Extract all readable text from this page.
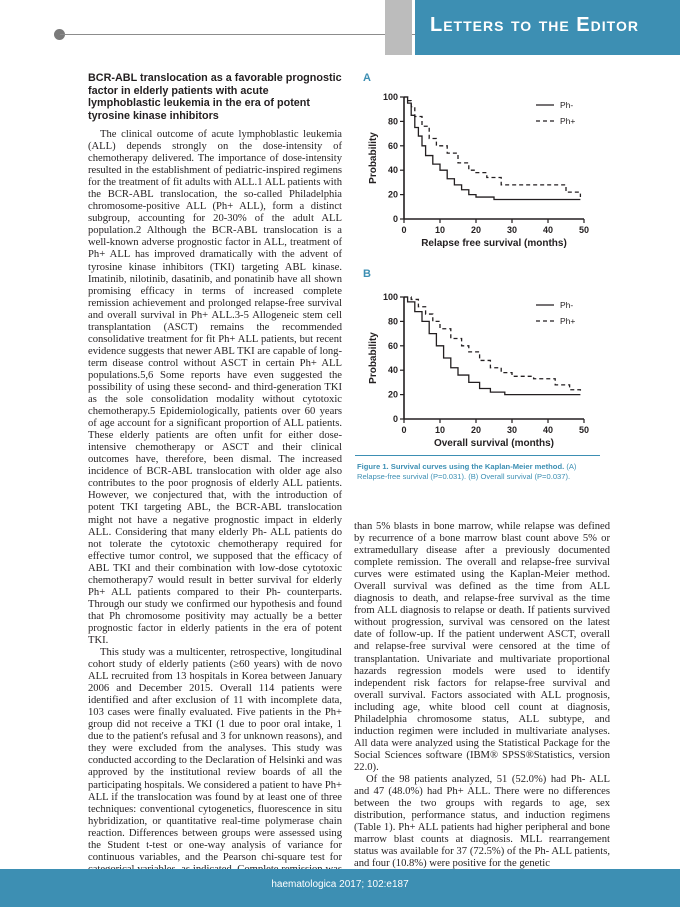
Letters to the Editor
BCR-ABL translocation as a favorable prognostic factor in elderly patients with acute lymphoblastic leukemia in the era of potent tyrosine kinase inhibitors

The clinical outcome of acute lymphoblastic leukemia (ALL) depends strongly on the dose-intensity of chemotherapy delivered. The importance of dose-intensity resulted in the establishment of pediatric-inspired regimens for the treatment of fit adults with ALL.1 ALL patients with the BCR-ABL translocation, the so-called Philadelphia chromosome-positive ALL (Ph+ ALL), form a distinct subgroup, accounting for 20-30% of the adult ALL population.2 Although the BCR-ABL translocation is a well-known adverse prognostic factor in ALL, treatment of Ph+ ALL has improved dramatically with the advent of tyrosine kinase inhibitors (TKI) targeting ABL kinase. Imatinib, nilotinib, dasatinib, and ponatinib have all shown promising efficacy in terms of increased complete remission achievement and prolonged relapse-free survival and overall survival in Ph+ ALL.3-5 Allogeneic stem cell transplantation (ASCT) remains the recommended consolidative treatment for fit Ph+ ALL patients, but recent evidence suggests that newer ABL TKI are capable of long-term disease control without ASCT in certain Ph+ ALL populations.5,6 Some reports have even suggested the possibility of using these second- and third-generation TKI as the sole consolidation modality without cytotoxic chemotherapy.5 Epidemiologically, patients over 60 years of age account for a significant proportion of ALL patients. These elderly patients are often unfit for either dose-intensive chemotherapy or ASCT and their clinical outcomes have, therefore, been dismal. The increased incidence of BCR-ABL translocation with older age also contributes to the poor prognosis of elderly ALL patients. However, we conjectured that, with the introduction of potent TKI targeting ABL, the BCR-ABL translocation might not have a negative prognostic impact in elderly ALL. Considering that many elderly Ph- ALL patients do not tolerate the cytotoxic chemotherapy required for effective tumor control, we supposed that the efficacy of ABL TKI and their combination with low-dose cytotoxic chemotherapy7 would result in better survival for elderly Ph+ ALL patients compared to their Ph- counterparts. Through our study we confirmed our hypothesis and found that Ph chromosome positivity may actually be a better prognostic factor in elderly patients in the era of potent TKI.

This study was a multicenter, retrospective, longitudinal cohort study of elderly patients (≥60 years) with de novo ALL recruited from 13 hospitals in Korea between January 2006 and December 2015. Overall 114 patients were identified and after exclusion of 11 with incomplete data, 103 cases were finally evaluated. Five patients in the Ph+ group did not receive a TKI (1 due to poor oral intake, 1 due to the patient's refusal and 3 for unknown reasons), and they were excluded from the analyses. This study was conducted according to the Declaration of Helsinki and was approved by the institutional review boards of all the participating hospitals. We considered a patient to have Ph+ ALL if the translocation was found by at least one of three techniques: conventional cytogenetics, fluorescence in situ hybridization, or quantitative real-time polymerase chain reaction. Differences between groups were assessed using the Student t-test or one-way analysis of variance for continuous variables, and the Pearson chi-square test for

A
B
0	10	20	30	40	50
0
20
40
60
80
100
Relapse free survival (months)
Probability
Ph-
Ph+
0	10	20	30	40	50
0
20
40
60
80
100
Overall survival (months)
Probability
Ph-
Ph+
Figure 1. Survival curves using the Kaplan-Meier method. (A) Relapse-free survival (P=0.031). (B) Overall survival (P=0.037).

than 5% blasts in bone marrow, while relapse was defined by recurrence of a bone marrow blast count above 5% or extramedullary disease after a previously documented complete remission. The overall and relapse-free survival curves were estimated using the Kaplan-Meier method. Overall survival was defined as the time from ALL diagnosis to death, and relapse-free survival as the time from ALL diagnosis to relapse or death. If patients survived without progression, survival was censored on the latest date of follow-up. If the patient underwent ASCT, overall and relapse-free survival were censored at the time of transplantation. Univariate and multivariate proportional hazards regression models were used to identify independent risk factors for relapse-free survival and overall survival. Factors associated with ALL prognosis, including age, white blood cell count at diagnosis, Philadelphia chromosome status, ALL subtype, and induction regimen were included in multivariate analyses. All data were analyzed using the Statistical Package for the Social Sciences software (IBM® SPSS®Statistics, version 22.0).

Of the 98 patients analyzed, 51 (52.0%) had Ph- ALL and 47 (48.0%) had Ph+ ALL. There were no differences between the two groups with regards to age, sex distribution, performance status, and induction regimens (Table 1). Ph+ ALL patients had higher peripheral and bone marrow blast counts at diagnosis. MLL rearrangement status was available for 37 (72.5%) of the Ph- ALL patients, and four (10.8%) were positive for the genetic

haematologica 2017; 102:e187
